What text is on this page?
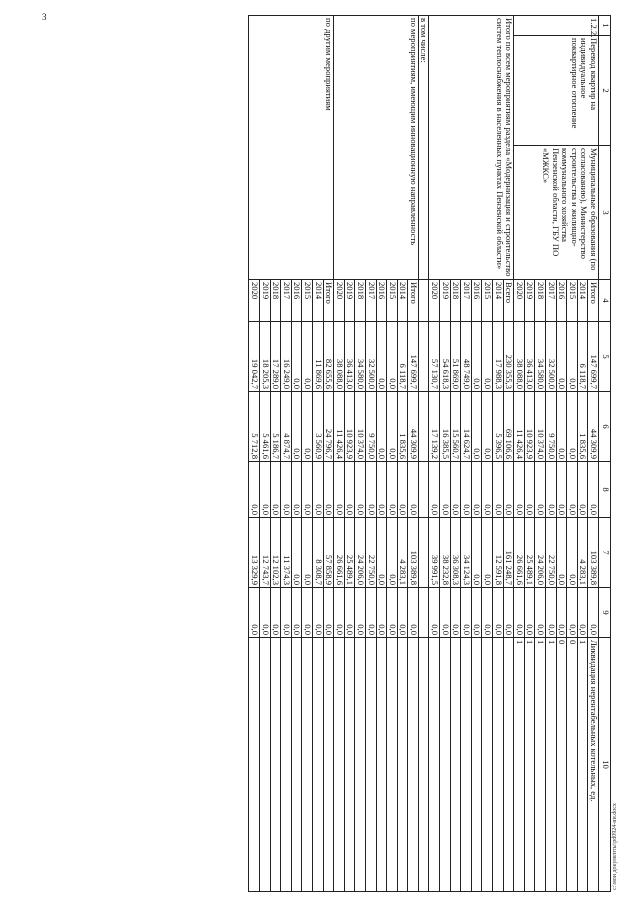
3
1	2	3	4	5	6	8	7	9	10
1.2.2.	Перевод квартир на индивидуальное поквартирное отопление	Муниципальные образования (по согласованию), Министерство строительства и жилищно-коммунального хозяйства Пензенской области, ГБУ ПО «МЖКС»	Итого	147 699,7	44 309,9	0,0	103 389,8	0,0	Ликвидация нерентабельных котельных, ед.
			2014	6 118,7	1 835,6	0,0	4 283,1	0,0	1
			2015	0,0	0,0	0,0	0,0	0,0	0
			2016	0,0	0,0	0,0	0,0	0,0	0
			2017	32 500,0	9 750,0	0,0	22 750,0	0,0	1
			2018	34 580,0	10 374,0	0,0	24 206,0	0,0	1
			2019	36 413,0	10 923,9	0,0	25 489,1	0,0	1
			2020	38 088,0	11 426,4	0,0	26 661,6	0,0	1
Итого по всем мероприятиям раздела «Модернизация и строительство систем теплоснабжения в населенных пунктах Пензенской области»			Всего	230 355,3	69 106,6	0,0	161 248,7	0,0	
			2014	17 988,3	5 396,5	0,0	12 591,8	0,0	
			2015	0,0	0,0	0,0	0,0	0,0	
			2016	0,0	0,0	0,0	0,0	0,0	
			2017	48 749,0	14 624,7	0,0	34 124,3	0,0	
			2018	51 869,0	15 560,7	0,0	36 308,3	0,0	
			2019	54 618,3	16 385,5	0,0	38 232,8	0,0	
			2020	57 130,7	17 139,2	0,0	39 991,5	0,0	
в том числе:									
по мероприятиям, имеющим инновационную направленность			Итого	147 699,7	44 309,9	0,0	103 389,8	0,0	
			2014	6 118,7	1 835,6	0,0	4 283,1	0,0	
			2015	0,0	0,0	0,0	0,0	0,0	
			2016	0,0	0,0	0,0	0,0	0,0	
			2017	32 500,0	9 750,0	0,0	22 750,0	0,0	
			2018	34 580,0	10 374,0	0,0	24 206,0	0,0	
			2019	36 413,0	10 923,9	0,0	25 489,1	0,0	
			2020	38 088,0	11 426,4	0,0	26 661,6	0,0	
по другим мероприятиям			Итого	82 655,6	24 796,7	0,0	57 858,9	0,0	
			2014	11 869,6	3 560,9	0,0	8 308,7	0,0	
			2015	0,0	0,0	0,0	0,0	0,0	
			2016	0,0	0,0	0,0	0,0	0,0	
			2017	16 249,0	4 874,7	0,0	11 374,3	0,0	
			2018	17 289,0	5 186,7	0,0	12 102,3	0,0	
			2019	18 205,3	5 461,6	0,0	12 743,7	0,0	
			2020	19 042,7	5 712,8	0,0	13 329,9	0,0	
с:\мои документы\pd0924-ин.docx
